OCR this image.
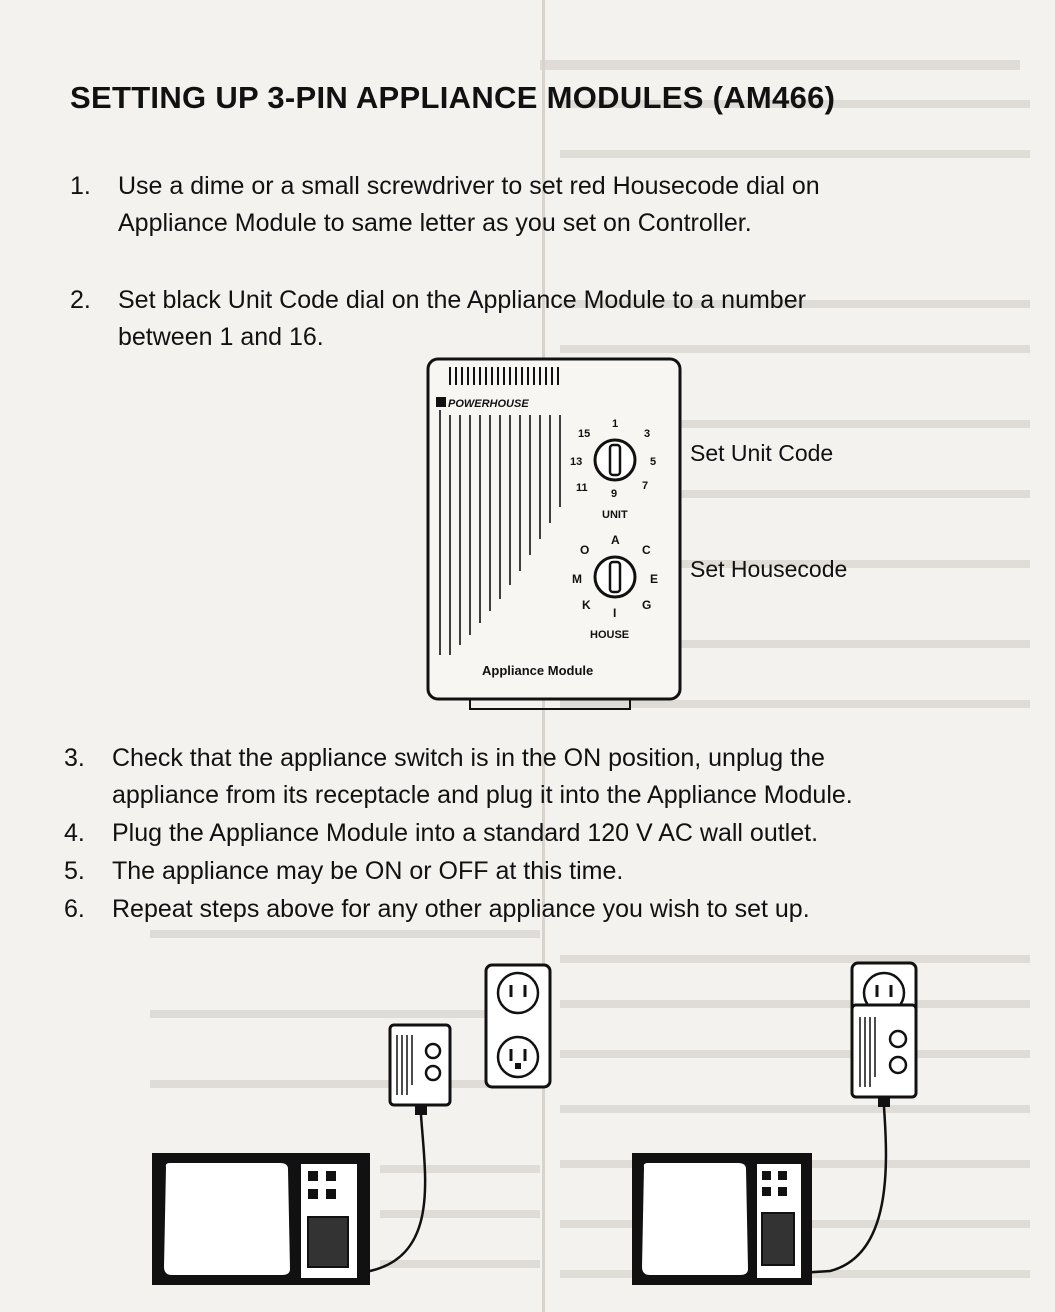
SETTING UP 3-PIN APPLIANCE MODULES (AM466)
1. Use a dime or a small screwdriver to set red Housecode dial on
Appliance Module to same letter as you set on Controller.
2. Set black Unit Code dial on the Appliance Module to a number
between 1 and 16.
POWERHOUSE
1
3
5
7
9
11
13
15
UNIT
A
C
E
G
I
K
M
O
HOUSE
Appliance Module
Set Unit Code
Set Housecode
3. Check that the appliance switch is in the ON position, unplug the
appliance from its receptacle and plug it into the Appliance Module.
4. Plug the Appliance Module into a standard 120 V AC wall outlet.
5. The appliance may be ON or OFF at this time.
6. Repeat steps above for any other appliance you wish to set up.
